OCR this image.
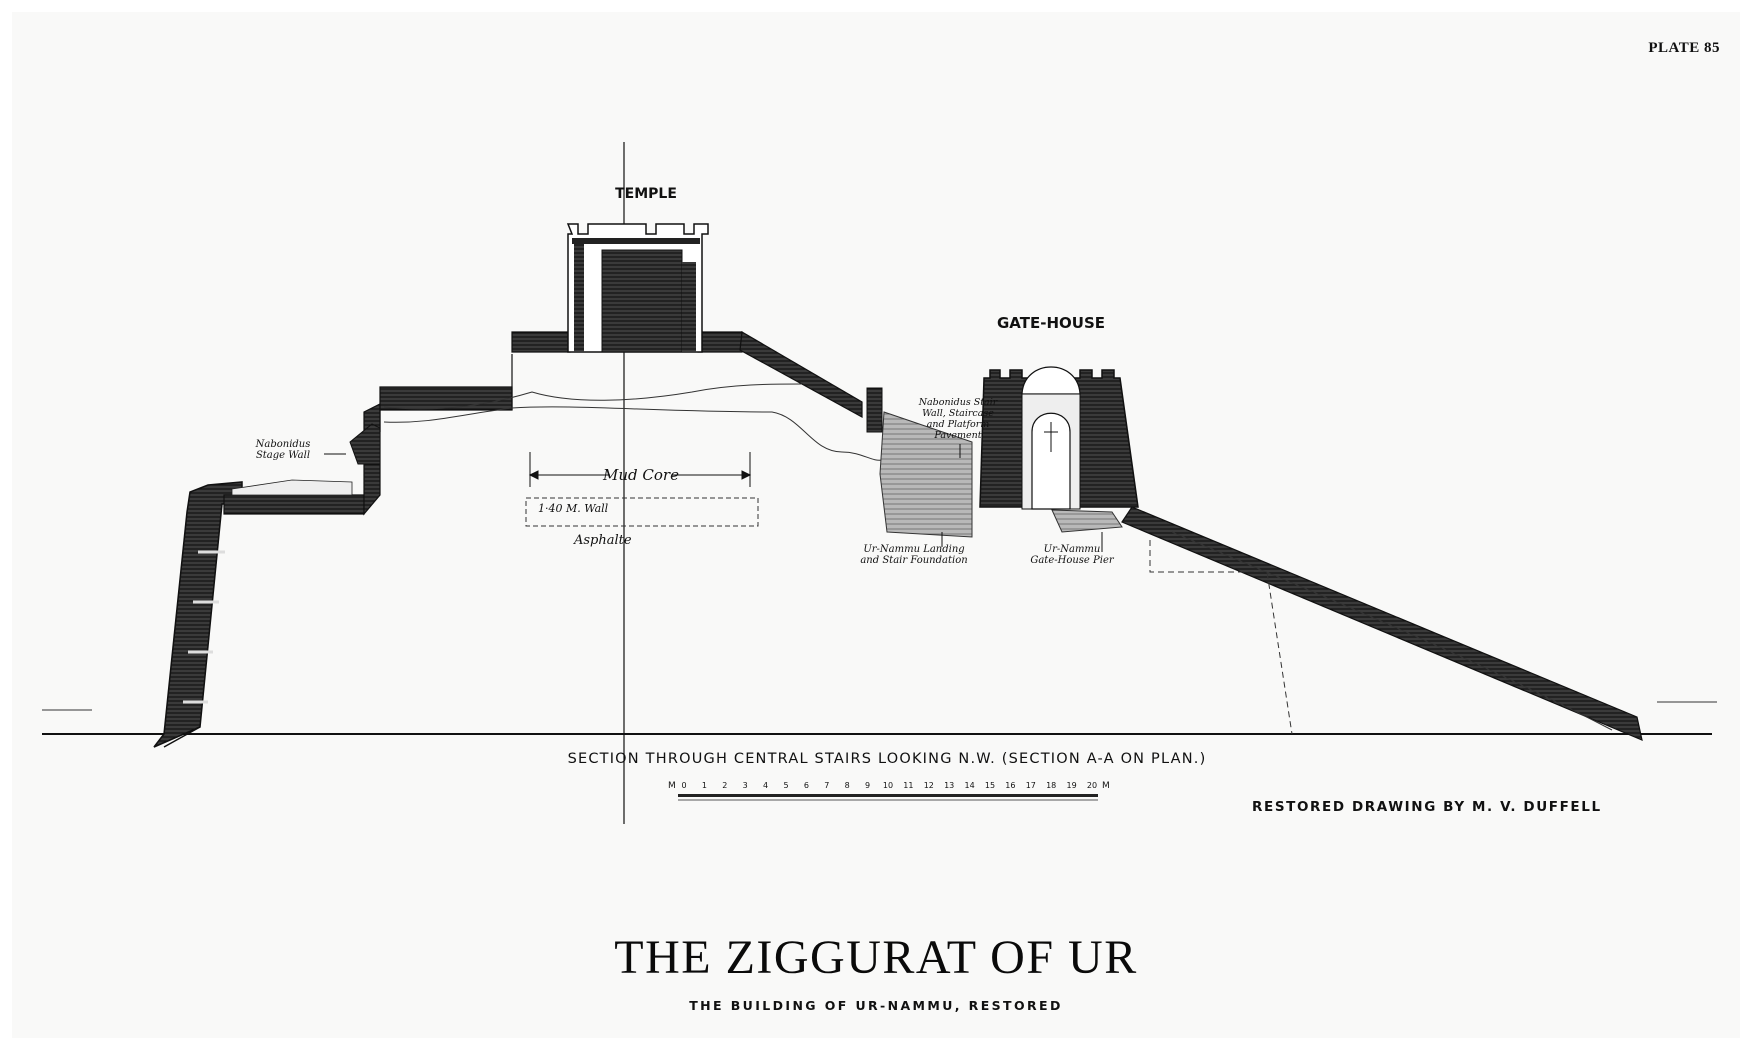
PLATE 85
TEMPLE
GATE-HOUSE
Nabonidus
Stage Wall
Mud Core
1·40 M. Wall
Asphalte
Nabonidus Stair
Wall, Staircase
and Platform
Pavement
Ur-Nammu Landing
and Stair Foundation
Ur-Nammu
Gate-House Pier
SECTION THROUGH CENTRAL STAIRS LOOKING N.W. (SECTION A-A ON PLAN.)
M 0 1 2 3 4 5 6 7 8 9 10 11 12 13 14 15 16 17 18 19 20 M
RESTORED DRAWING BY M. V. DUFFELL
THE ZIGGURAT OF UR
THE BUILDING OF UR-NAMMU, RESTORED
